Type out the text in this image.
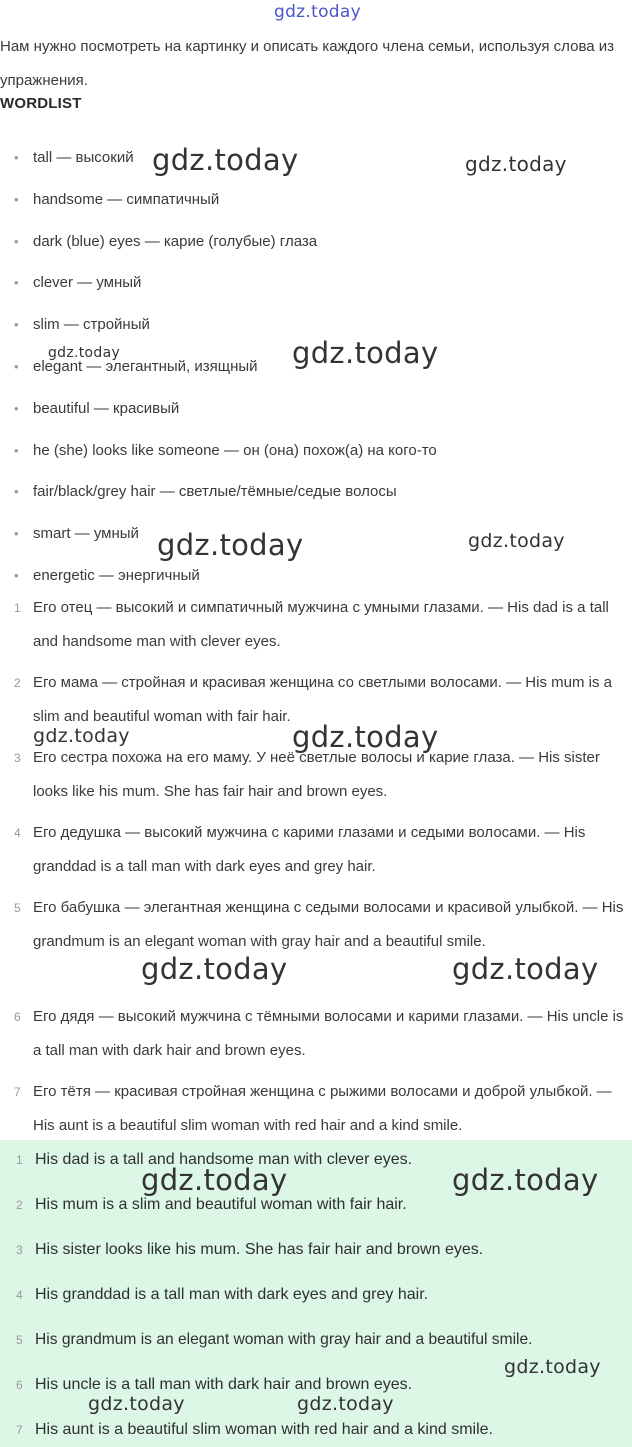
gdz.today
Нам нужно посмотреть на картинку и описать каждого члена семьи, используя слова из упражнения.
WORDLIST
• tall — высокий
• handsome — симпатичный
• dark (blue) eyes — карие (голубые) глаза
• clever — умный
• slim — стройный
• elegant — элегантный, изящный
• beautiful — красивый
• he (she) looks like someone — он (она) похож(а) на кого-то
• fair/black/grey hair — светлые/тёмные/седые волосы
• smart — умный
• energetic — энергичный
1 Его отец — высокий и симпатичный мужчина с умными глазами. — His dad is a tall and handsome man with clever eyes.
2 Его мама — стройная и красивая женщина со светлыми волосами. — His mum is a slim and beautiful woman with fair hair.
3 Его сестра похожа на его маму. У неё светлые волосы и карие глаза. — His sister looks like his mum. She has fair hair and brown eyes.
4 Его дедушка — высокий мужчина с карими глазами и седыми волосами. — His granddad is a tall man with dark eyes and grey hair.
5 Его бабушка — элегантная женщина с седыми волосами и красивой улыбкой. — His grandmum is an elegant woman with gray hair and a beautiful smile.
6 Его дядя — высокий мужчина с тёмными волосами и карими глазами. — His uncle is a tall man with dark hair and brown eyes.
7 Его тётя — красивая стройная женщина с рыжими волосами и доброй улыбкой. — His aunt is a beautiful slim woman with red hair and a kind smile.
1 His dad is a tall and handsome man with clever eyes.
2 His mum is a slim and beautiful woman with fair hair.
3 His sister looks like his mum. She has fair hair and brown eyes.
4 His granddad is a tall man with dark eyes and grey hair.
5 His grandmum is an elegant woman with gray hair and a beautiful smile.
6 His uncle is a tall man with dark hair and brown eyes.
7 His aunt is a beautiful slim woman with red hair and a kind smile.
gdz.today	gdz.today
gdz.today	gdz.today
gdz.today	gdz.today
gdz.today	gdz.today
gdz.today	gdz.today
gdz.today	gdz.today
gdz.today
gdz.today	gdz.today
